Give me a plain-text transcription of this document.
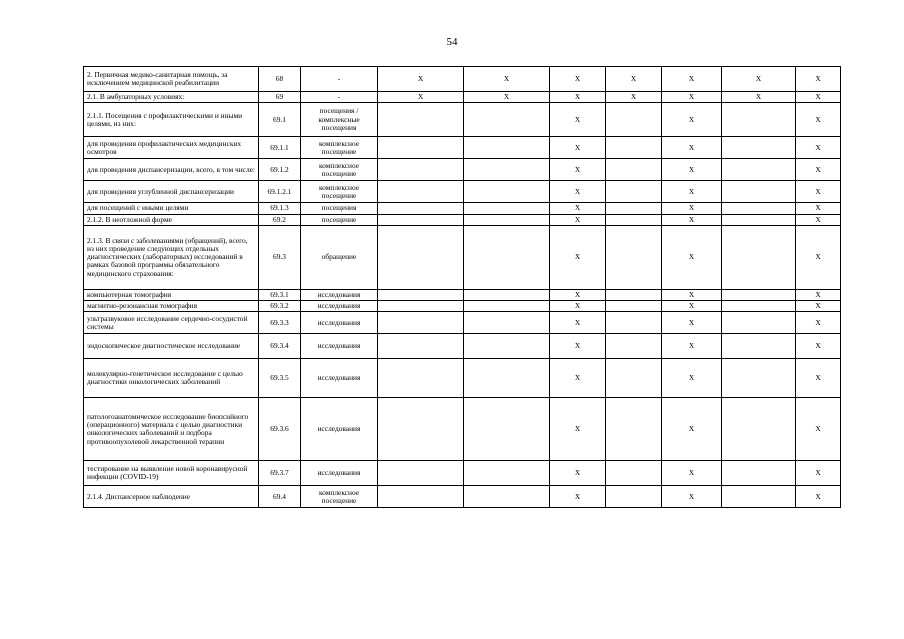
54
2. Первичная медико-санитарная помощь, за исключением медицинской реабилитации	68	-	X	X	X	X	X	X	X
2.1. В амбулаторных условиях:	69	-	X	X	X	X	X	X	X
2.1.1. Посещения с профилактическими и иными целями, из них:	69.1	посещения / комплексные посещения			X		X		X
для проведения профилактических медицинских осмотров	69.1.1	комплексное посещение			X		X		X
для проведения диспансеризации, всего, в том числе:	69.1.2	комплексное посещение			X		X		X
для проведения углубленной диспансеризации	69.1.2.1	комплексное посещение			X		X		X
для посещений с иными целями	69.1.3	посещения			X		X		X
2.1.2. В неотложной форме	69.2	посещение			X		X		X
2.1.3. В связи с заболеваниями (обращений), всего, из них проведение следующих отдельных диагностических (лабораторных) исследований в рамках базовой программы обязательного медицинского страхования:	69.3	обращение			X		X		X
компьютерная томография	69.3.1	исследования			X		X		X
магнитно-резонансная томография	69.3.2	исследования			X		X		X
ультразвуковое исследование сердечно-сосудистой системы	69.3.3	исследования			X		X		X
эндоскопическое диагностическое исследование	69.3.4	исследования			X		X		X
молекулярно-генетическое исследование с целью диагностики онкологических заболеваний	69.3.5	исследования			X		X		X
патологоанатомическое исследование биопсийного (операционного) материала с целью диагностики онкологических заболеваний и подбора противоопухолевой лекарственной терапии	69.3.6	исследования			X		X		X
тестирование на выявление новой коронавирусной инфекции (COVID-19)	69.3.7	исследования			X		X		X
2.1.4. Диспансерное наблюдение	69.4	комплексное посещение			X		X		X
